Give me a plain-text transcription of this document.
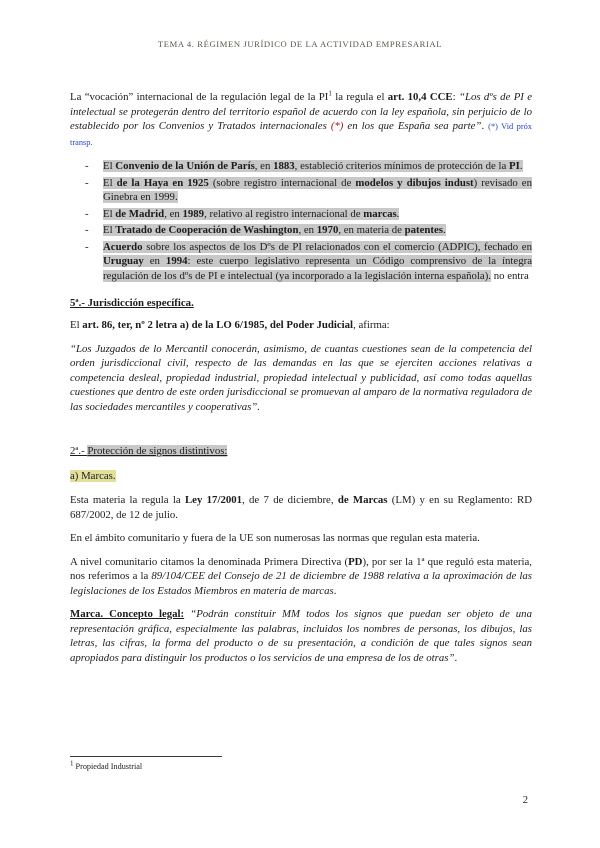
TEMA 4. RÉGIMEN JURÍDICO DE LA ACTIVIDAD EMPRESARIAL

La “vocación” internacional de la regulación legal de la $PI^1$ la regula el art. 10,4 CCE: “Los dºs de PI e intelectual se protegerán dentro del territorio español de acuerdo con la ley española, sin perjuicio de lo establecido por los Convenios y Tratados internacionales (*) en los que España sea parte”. (*) Vid próx transp.

-	El Convenio de la Unión de París, en 1883, estableció criterios mínimos de protección de la PI.
-	El de la Haya en 1925 (sobre registro internacional de modelos y dibujos indust) revisado en Ginebra en 1999.
-	El de Madrid, en 1989, relativo al registro internacional de marcas.
-	El Tratado de Cooperación de Washington, en 1970, en materia de patentes.
-	Acuerdo sobre los aspectos de los Dºs de PI relacionados con el comercio (ADPIC), fechado en Uruguay en 1994: este cuerpo legislativo representa un Código comprensivo de la íntegra regulación de los dºs de PI e intelectual (ya incorporado a la legislación interna española). no entra
5ª.- Jurisdicción específica.

El art. 86, ter, nº 2 letra a) de la LO 6/1985, del Poder Judicial, afirma:

“Los Juzgados de lo Mercantil conocerán, asimismo, de cuantas cuestiones sean de la competencia del orden jurisdiccional civil, respecto de las demandas en las que se ejerciten acciones relativas a competencia desleal, propiedad industrial, propiedad intelectual y publicidad, así como todas aquellas cuestiones que dentro de este orden jurisdiccional se promuevan al amparo de la normativa reguladora de las sociedades mercantiles y cooperativas”.

2ª.- Protección de signos distintivos:

a) Marcas.

Esta materia la regula la Ley 17/2001, de 7 de diciembre, de Marcas (LM) y en su Reglamento: RD 687/2002, de 12 de julio.

En el ámbito comunitario y fuera de la UE son numerosas las normas que regulan esta materia.

A nivel comunitario citamos la denominada Primera Directiva (PD), por ser la 1ª que reguló esta materia, nos referimos a la 89/104/CEE del Consejo de 21 de diciembre de 1988 relativa a la aproximación de las legislaciones de los Estados Miembros en materia de marcas.

Marca. Concepto legal: “Podrán constituir MM todos los signos que puedan ser objeto de una representación gráfica, especialmente las palabras, incluidos los nombres de personas, los dibujos, las letras, las cifras, la forma del producto o de su presentación, a condición de que tales signos sean apropiados para distinguir los productos o los servicios de una empresa de los de otras”.

1 Propiedad Industrial
2
